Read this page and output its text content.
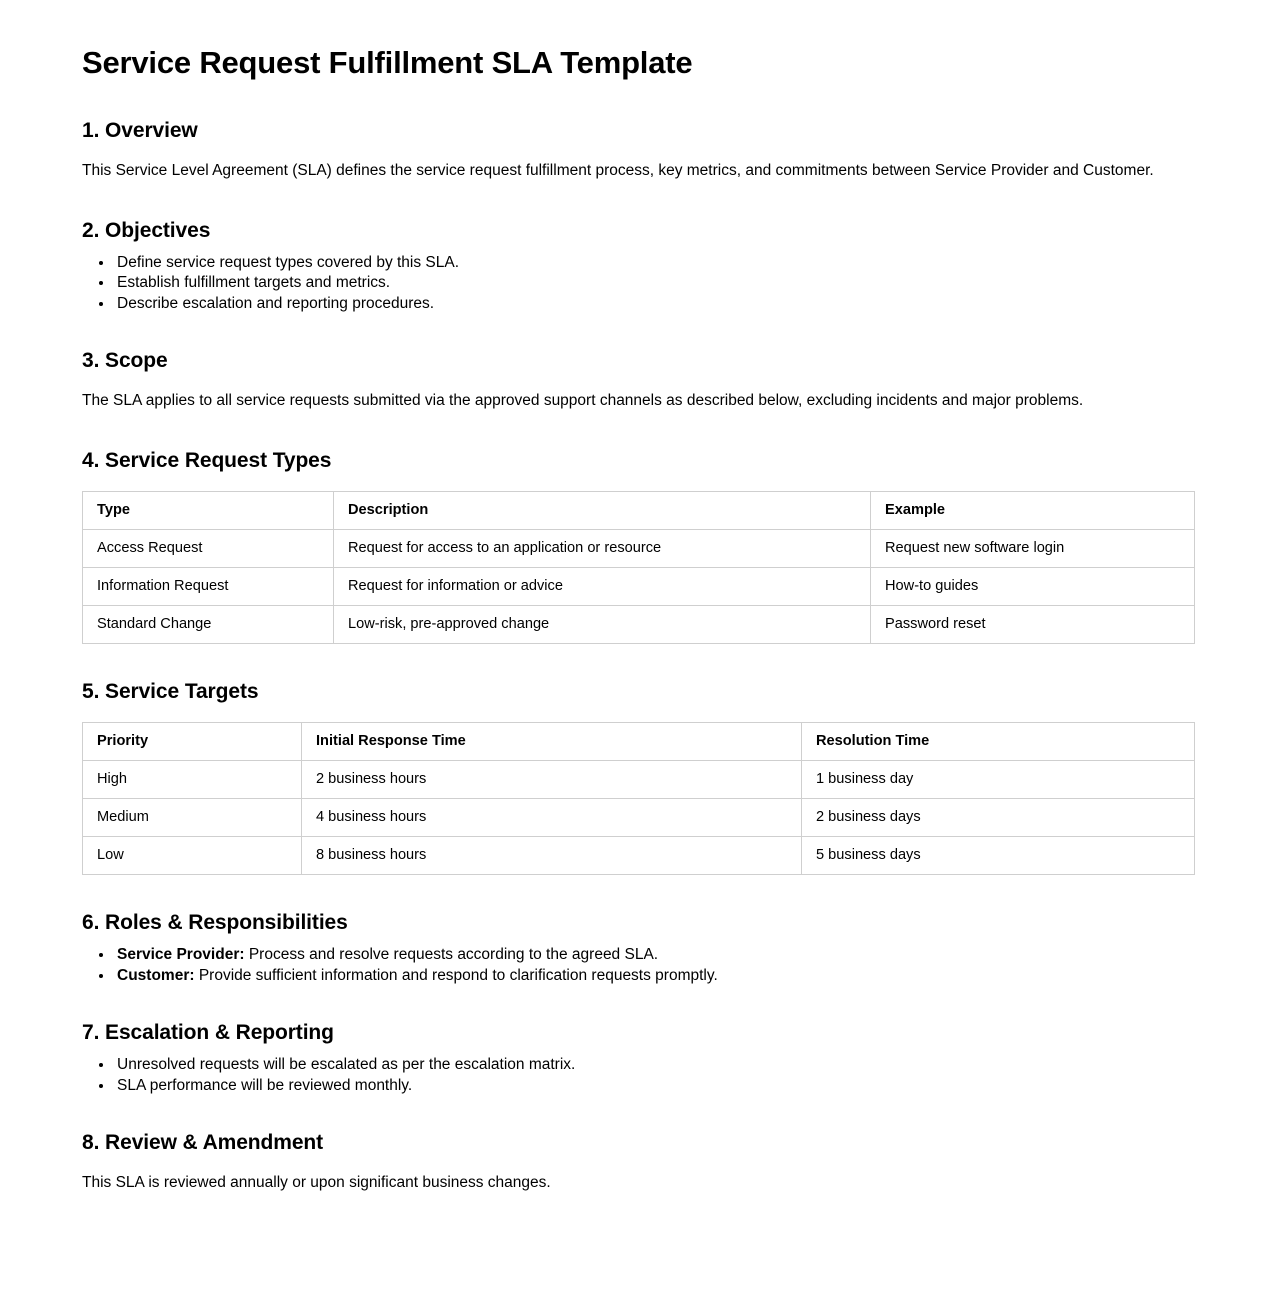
Service Request Fulfillment SLA Template
1. Overview

This Service Level Agreement (SLA) defines the service request fulfillment process, key metrics, and commitments between Service Provider and Customer.

2. Objectives
• Define service request types covered by this SLA.
• Establish fulfillment targets and metrics.
• Describe escalation and reporting procedures.
3. Scope

The SLA applies to all service requests submitted via the approved support channels as described below, excluding incidents and major problems.

4. Service Request Types
Type	Description	Example
Access Request	Request for access to an application or resource	Request new software login
Information Request	Request for information or advice	How-to guides
Standard Change	Low-risk, pre-approved change	Password reset
5. Service Targets
Priority	Initial Response Time	Resolution Time
High	2 business hours	1 business day
Medium	4 business hours	2 business days
Low	8 business hours	5 business days
6. Roles & Responsibilities
• Service Provider: Process and resolve requests according to the agreed SLA.
• Customer: Provide sufficient information and respond to clarification requests promptly.
7. Escalation & Reporting
• Unresolved requests will be escalated as per the escalation matrix.
• SLA performance will be reviewed monthly.
8. Review & Amendment

This SLA is reviewed annually or upon significant business changes.
